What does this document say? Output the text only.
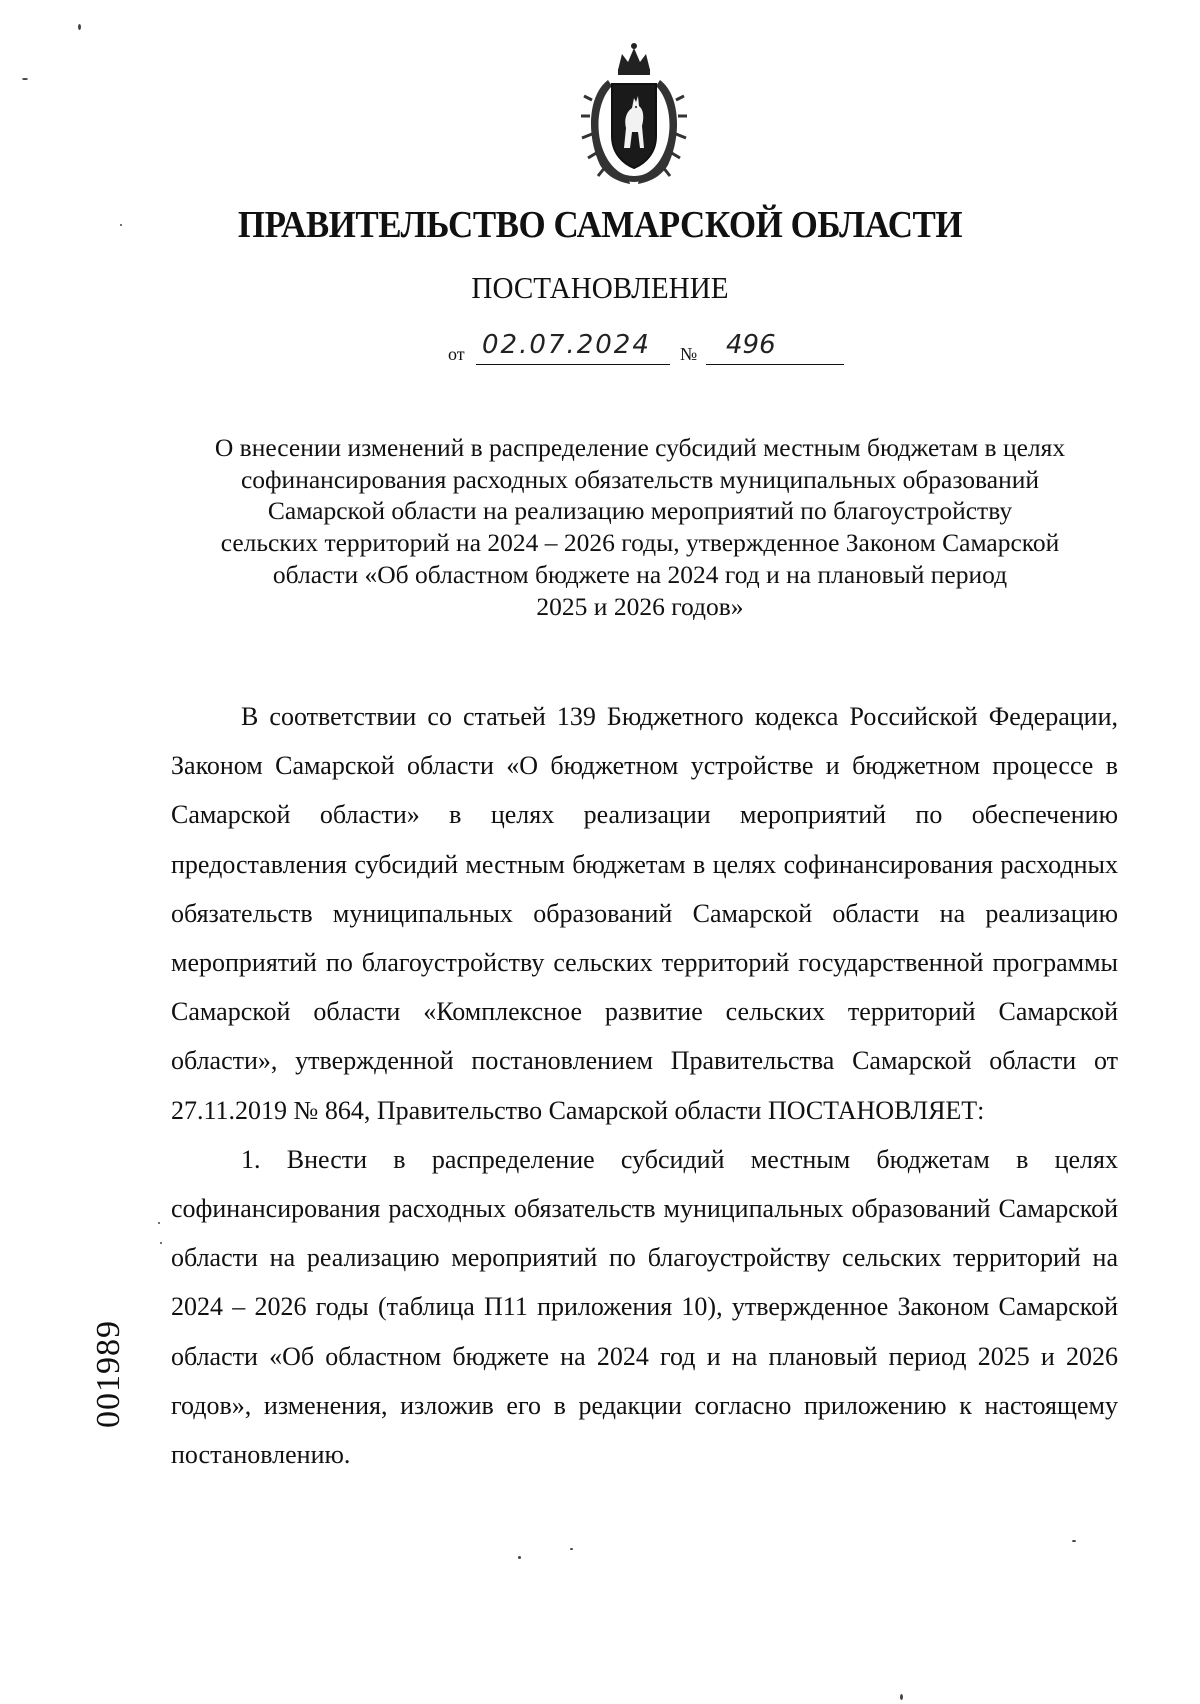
ПРАВИТЕЛЬСТВО САМАРСКОЙ ОБЛАСТИ
ПОСТАНОВЛЕНИЕ
от 02.07.2024	№	496
О внесении изменений в распределение субсидий местным бюджетам в целях
софинансирования расходных обязательств муниципальных образований
Самарской области на реализацию мероприятий по благоустройству
сельских территорий на 2024 – 2026 годы, утвержденное Законом Самарской
области «Об областном бюджете на 2024 год и на плановый период
2025 и 2026 годов»

В соответствии со статьей 139 Бюджетного кодекса Российской Федерации, Законом Самарской области «О бюджетном устройстве и бюджетном процессе в Самарской области» в целях реализации мероприятий по обеспечению предоставления субсидий местным бюджетам в целях софинансирования расходных обязательств муниципальных образований Самарской области на реализацию мероприятий по благоустройству сельских территорий государственной программы Самарской области «Комплексное развитие сельских территорий Самарской области», утвержденной постановлением Правительства Самарской области от 27.11.2019 № 864, Правительство Самарской области ПОСТАНОВЛЯЕТ:

1. Внести в распределение субсидий местным бюджетам в целях софинансирования расходных обязательств муниципальных образований Самарской области на реализацию мероприятий по благоустройству сельских территорий на 2024 – 2026 годы (таблица П11 приложения 10), утвержденное Законом Самарской области «Об областном бюджете на 2024 год и на плановый период 2025 и 2026 годов», изменения, изложив его в редакции согласно приложению к настоящему постановлению.

001989
